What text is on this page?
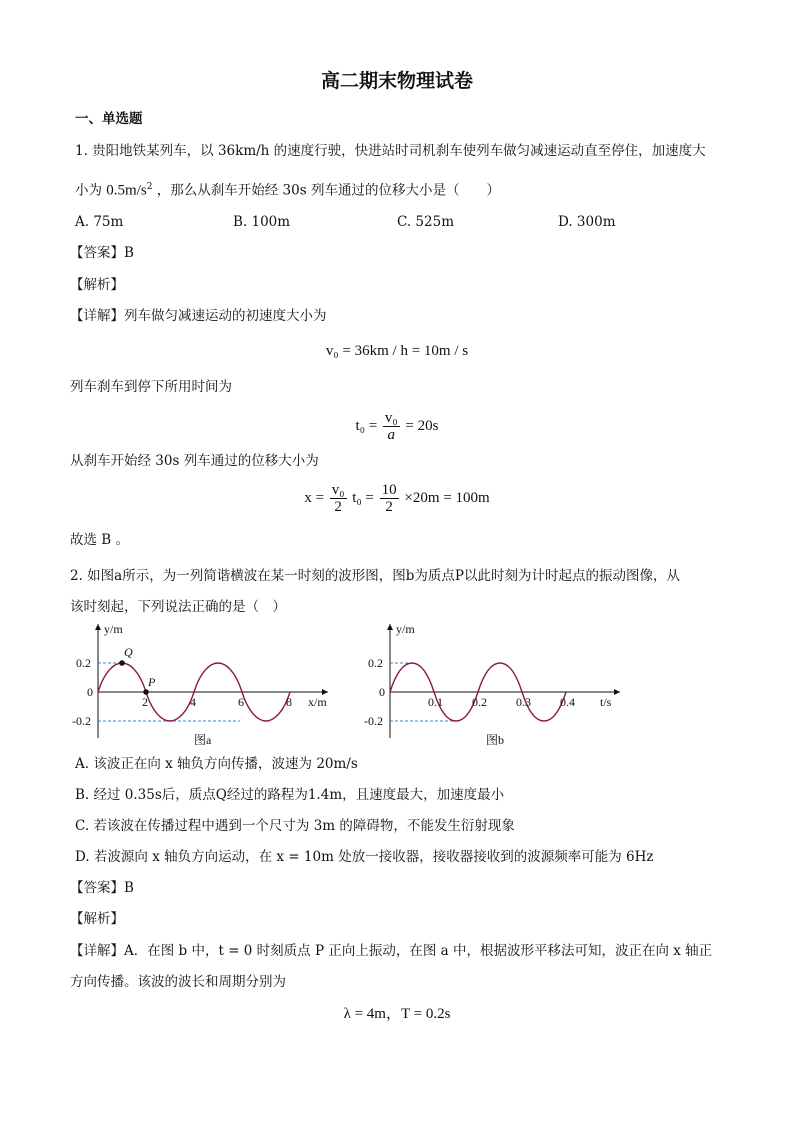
高二期末物理试卷
一、单选题
1. 贵阳地铁某列车，以 36km/h 的速度行驶，快进站时司机刹车使列车做匀减速运动直至停住，加速度大
小为 $0.5m/s^2$ ，那么从刹车开始经 30s 列车通过的位移大小是（　　）
A. 75m	B. 100m	C. 525m	D. 300m
【答案】B
【解析】
【详解】列车做匀减速运动的初速度大小为
v₀ = 36km / h = 10m / s
列车刹车到停下所用时间为
$t_0 = \frac{\text{v₀}}{a} = 20s$
从刹车开始经 30s 列车通过的位移大小为
$x = \frac{\text{v₀}}{2} t_0 = \frac{10}{2} \times 20m = 100m$
故选 B 。
2. 如图a所示，为一列简谐横波在某一时刻的波形图，图b为质点P以此时刻为计时起点的振动图像，从
该时刻起，下列说法正确的是（　）
y/m
x/m
0.2
0
-0.2
2	4	6	8
Q
P
图a
y/m
t/s
0.2
0
-0.2
0.1 0.2 0.3 0.4
图b
A. 该波正在向 x 轴负方向传播，波速为 20m/s
B. 经过 0.35s后，质点Q经过的路程为1.4m，且速度最大，加速度最小
C. 若该波在传播过程中遇到一个尺寸为 3m 的障碍物，不能发生衍射现象
D. 若波源向 x 轴负方向运动，在 x = 10m 处放一接收器，接收器接收到的波源频率可能为 6Hz
【答案】B
【解析】
【详解】A．在图 b 中，t = 0 时刻质点 P 正向上振动，在图 a 中，根据波形平移法可知，波正在向 x 轴正
方向传播。该波的波长和周期分别为
λ = 4m，T = 0.2s
